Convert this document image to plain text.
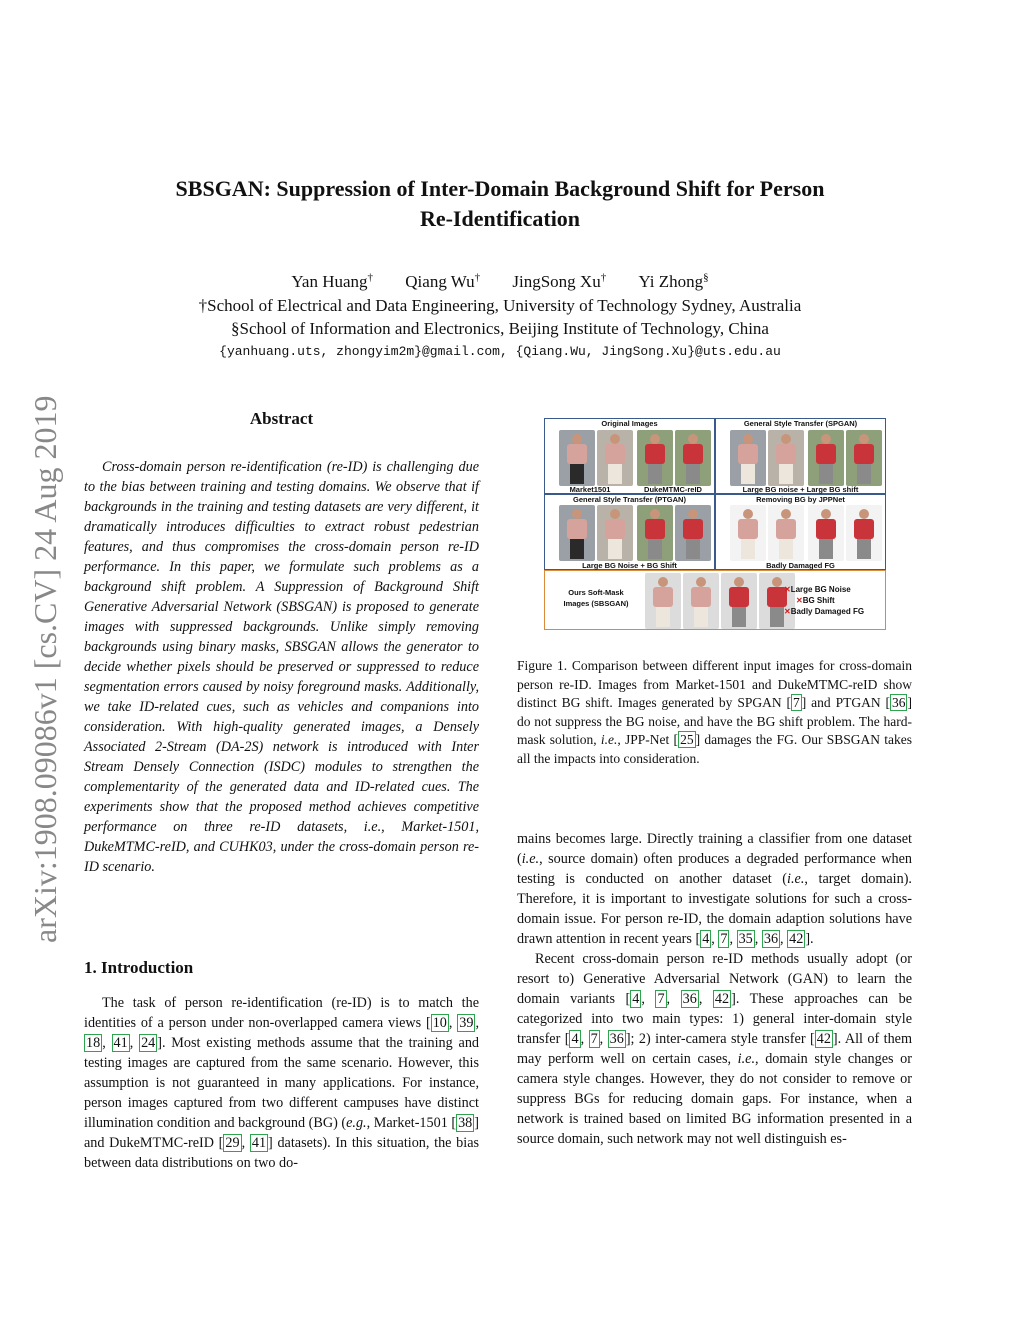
arXiv:1908.09086v1 [cs.CV] 24 Aug 2019
SBSGAN: Suppression of Inter-Domain Background Shift for Person
Re-Identification
Yan Huang† Qiang Wu† JingSong Xu† Yi Zhong§
†School of Electrical and Data Engineering, University of Technology Sydney, Australia
§School of Information and Electronics, Beijing Institute of Technology, China
{yanhuang.uts, zhongyim2m}@gmail.com, {Qiang.Wu, JingSong.Xu}@uts.edu.au
Abstract

Cross-domain person re-identification (re-ID) is challenging due to the bias between training and testing domains. We observe that if backgrounds in the training and testing datasets are very different, it dramatically introduces difficulties to extract robust pedestrian features, and thus compromises the cross-domain person re-ID performance. In this paper, we formulate such problems as a background shift problem. A Suppression of Background Shift Generative Adversarial Network (SBSGAN) is proposed to generate images with suppressed backgrounds. Unlike simply removing backgrounds using binary masks, SBSGAN allows the generator to decide whether pixels should be preserved or suppressed to reduce segmentation errors caused by noisy foreground masks. Additionally, we take ID-related cues, such as vehicles and companions into consideration. With high-quality generated images, a Densely Associated 2-Stream (DA-2S) network is introduced with Inter Stream Densely Connection (ISDC) modules to strengthen the complementarity of the generated data and ID-related cues. The experiments show that the proposed method achieves competitive performance on three re-ID datasets, i.e., Market-1501, DukeMTMC-reID, and CUHK03, under the cross-domain person re-ID scenario.

1. Introduction

The task of person re-identification (re-ID) is to match the identities of a person under non-overlapped camera views [ 10 , 39 , 18 , 41 , 24 ]. Most existing methods assume that the training and testing images are captured from the same scenario. However, this assumption is not guaranteed in many applications. For instance, person images captured from two different campuses have distinct illumination condition and background (BG) (e.g., Market-1501 [ 38 ] and DukeMTMC-reID [ 29 , 41 ] datasets). In this situation, the bias between data distributions on two do-

Original Images
Market1501	DukeMTMC-reID
General Style Transfer (SPGAN)
Large BG noise + Large BG shift
General Style Transfer (PTGAN)
Large BG Noise + BG Shift
Removing BG by JPPNet
Badly Damaged FG
Ours Soft-Mask
Images (SBSGAN)
✕Large BG Noise
✕BG Shift
✕Badly Damaged FG
Figure 1. Comparison between different input images for cross-domain person re-ID. Images from Market-1501 and DukeMTMC-reID show distinct BG shift. Images generated by SPGAN [ 7 ] and PTGAN [ 36 ] do not suppress the BG noise, and have the BG shift problem. The hard-mask solution, i.e., JPP-Net [ 25 ] damages the FG. Our SBSGAN takes all the impacts into consideration.

mains becomes large. Directly training a classifier from one dataset (i.e., source domain) often produces a degraded performance when testing is conducted on another dataset (i.e., target domain). Therefore, it is important to investigate solutions for such a cross-domain issue. For person re-ID, the domain adaption solutions have drawn attention in recent years [ 4 , 7 , 35 , 36 , 42 ].

Recent cross-domain person re-ID methods usually adopt (or resort to) Generative Adversarial Network (GAN) to learn the domain variants [ 4 , 7 , 36 , 42 ]. These approaches can be categorized into two main types: 1) general inter-domain style transfer [ 4 , 7 , 36 ]; 2) inter-camera style transfer [ 42 ]. All of them may perform well on certain cases, i.e., domain style changes or camera style changes. However, they do not consider to remove or suppress BGs for reducing domain gaps. For instance, when a network is trained based on limited BG information presented in a source domain, such network may not well distinguish es-
